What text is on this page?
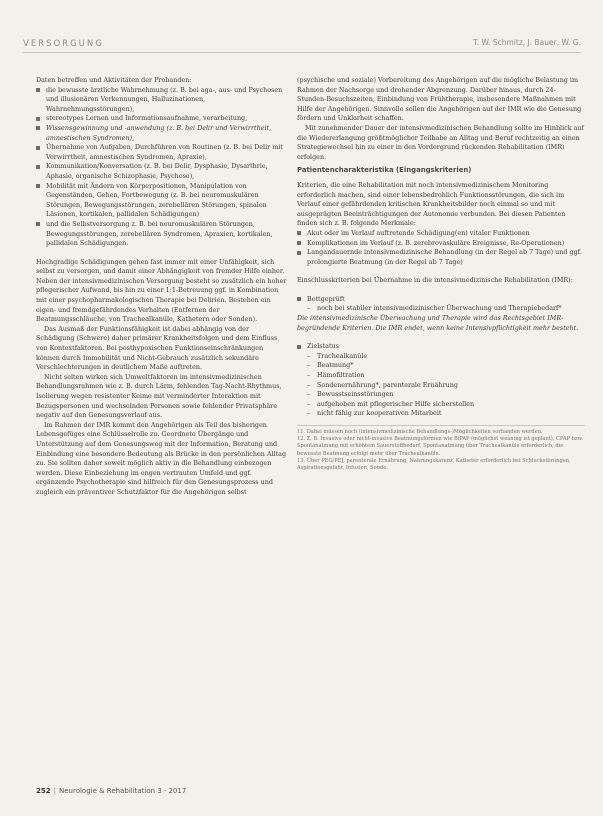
VERSORGUNG	T. W. Schmitz, J. Bauer, W. G.

Daten betreffen und Aktivitäten der Probanden:

die bewusste ärztliche Wahrnehmung (z. B. bei aga-, aus- und Psychosen und illusionären Verkennungen, Halluzinationen, Wahrnehmungsstörungen),
stereotypes Lernen und Informationsaufnahme, verarbeitung,
Wissensgewinnung und -anwendung (z. B. bei Delir und Verwirrtheit, amnestischen Syndromen),
Übernahme von Aufgaben, Durchführen von Routinen (z. B. bei Delir mit Verwirrtheit, amnestischen Syndromen, Apraxie),
Kommunikation/Konversation (z. B. bei Delir, Dysphasie, Dysarthrie, Aphasie, organische Schizophasie, Psychose),
Mobilität mit Ändern von Körperpositionen, Manipulation von Gegenständen, Gehen, Fortbewegung (z. B. bei neuromuskulären Störungen, Bewegungsstörungen, zerebellären Störungen, spinalen Läsionen, kortikalen, pallidalen Schädigungen)
und die Selbstversorgung z. B. bei neuromuskulären Störungen, Bewegungsstörungen, zerebellären Syndromen, Apraxien, kortikalen, pallidalen Schädigungen.

Hochgradige Schädigungen gehen fast immer mit einer Unfähigkeit, sich selbst zu versorgen, und damit einer Abhängigkeit von fremder Hilfe einher. Neben der intensivmedizinischen Versorgung besteht so zusätzlich ein hoher pflegerischer Aufwand, bis hin zu einer 1:1-Betreuung ggf. in Kombination mit einer psychopharmakologischen Therapie bei Delirien. Bestehen ein eigen- und fremdgefährdendes Verhalten (Entfernen der Beatmungsschläuche, von Trachealkanüle, Kathetern oder Sonden).

Das Ausmaß der Funktionsfähigkeit ist dabei abhängig von der Schädigung (Schwere) daher primärer Krankheitsfolgen und dem Einfluss von Kontextfaktoren. Bei posthypoxischen Funktionseinschränkungen können durch Immobilität und Nicht-Gebrauch zusätzlich sekundäre Verschlechterungen in deutlichem Maße auftreten.

Nicht selten wirken sich Umweltfaktoren im intensivmedizinischen Behandlungsrahmen wie z. B. durch Lärm, fehlenden Tag-Nacht-Rhythmus, Isolierung wegen resistenter Keime mit verminderter Interaktion mit Bezugspersonen und wechselnden Personen sowie fehlender Privatsphäre negativ auf den Genesungsverlauf aus.

Im Rahmen der IMR kommt den Angehörigen als Teil des bisherigen Lebensgefüges eine Schlüsselrolle zu. Geordnete Übergänge und Unterstützung auf dem Genesungsweg mit der Information, Beratung und Einbindung eine besondere Bedeutung als Brücke in den persönlichen Alltag zu. Sie sollten daher soweit möglich aktiv in die Behandlung einbezogen werden. Diese Einbeziehung im engen vertrauten Umfeld und ggf. ergänzende Psychotherapie sind hilfreich für den Genesungsprozess und zugleich ein präventiver Schutzfaktor für die Angehörigen selbst

(psychische und soziale) Vorbereitung des Angehörigen auf die mögliche Belastung im Rahmen der Nachsorge und drohender Abgrenzung. Darüber hinaus, durch 24-Stunden-Besuchszeiten, Einbindung von Frühtherapie, insbesondere Maßnahmen mit Hilfe der Angehörigen. Sinnvolle sollen die Angehörigen auf der IMR wie die Genesung fördern und Unklarheit schaffen.

Mit zunehmender Dauer der intensivmedizinischen Behandlung sollte im Hinblick auf die Wiedererlangung größtmöglicher Teilhabe an Alltag und Beruf rechtzeitig an einen Strategiewechsel hin zu einer in den Vordergrund rückenden Rehabilitation (IMR) erfolgen.

Patientencharakteristika (Eingangskriterien)

Kriterien, die eine Rehabilitation mit noch intensivmedizinischem Monitoring erforderlich machen, sind einer lebensbedrohlich Funktionsstörungen, die sich im Verlauf einer gefährdenden kritischen Krankheitsbilder noch einmal so und mit ausgeprägten Beeinträchtigungen der Autonomie verbunden. Bei diesen Patienten finden sich z. B. folgende Merkmale:

Akut oder im Verlauf auftretende Schädigung(en) vitaler Funktionen
Komplikationen im Verlauf (z. B. zerebrovaskuläre Ereignisse, Re-Operationen)
Langandauernde intensivmedizinische Behandlung (in der Regel ab 7 Tage) und ggf. prolongierte Beatmung (in der Regel ab 7 Tage)

Einschlusskriterien bei Übernahme in die intensivmedizinische Rehabilitation (IMR):

Bettgeprüft
– noch bei stabiler intensivmedizinischer Überwachung und Therapiebedarf*

Die intensivmedizinische Überwachung und Therapie wird das Rechtsgebiet IMR-begründende Kriterien. Die IMR endet, wenn keine Intensivpflichtigkeit mehr besteht.

Zielstatus
– Trachealkanüle
– Beatmung*
– Hämofiltration
– Sondenernährung*, parenterale Ernährung
– Bewusstseinsstörungen
– aufgehoben mit pflegerischer Hilfe sicherstellen
– nicht fähig zur kooperativen Mitarbeit
11. Dabei müssen noch (intensivmedizinische Behandlungs-)Möglichkeiten vorhanden werden.
12. Z. B. Invasive oder nicht-invasive Beatmungsformen wie BiPAP (möglichst weaning ist geplant), CPAP bzw. Spontanatmung mit erhöhtem Sauerstoffbedarf, Spontanatmung über Trachealkanüle erforderlich, die bewusste Beatmung erfolgt mehr über Trachealkanüle.
13. Über PEG/PEJ, parenterale Ernährung, Nahrungskarenz, Katheter erforderlich bei Schluckstörungen, Aspirationsgefahr, Infusion, Sonde.
252 | Neurologie & Rehabilitation 3 · 2017
